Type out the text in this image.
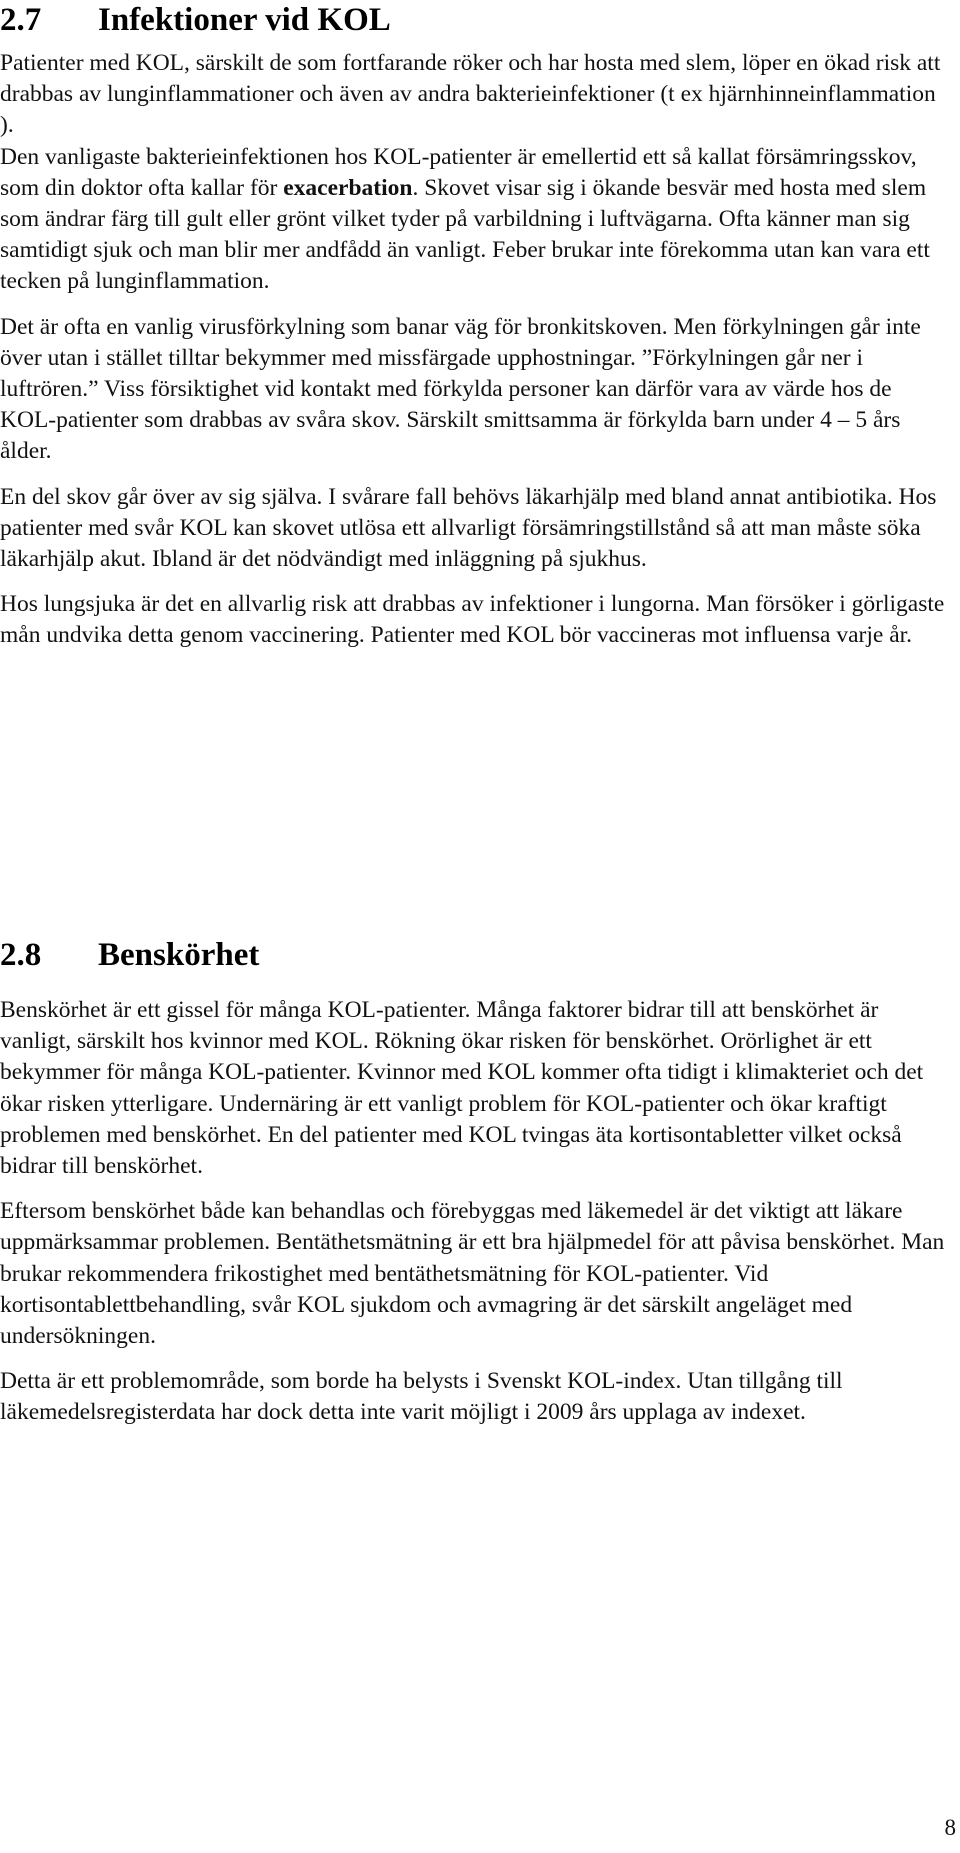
2.7 Infektioner vid KOL

Patienter med KOL, särskilt de som fortfarande röker och har hosta med slem, löper en ökad risk att drabbas av lunginflammationer och även av andra bakterieinfektioner (t ex hjärnhinneinflammation ).

Den vanligaste bakterieinfektionen hos KOL-patienter är emellertid ett så kallat försämringsskov, som din doktor ofta kallar för exacerbation. Skovet visar sig i ökande besvär med hosta med slem som ändrar färg till gult eller grönt vilket tyder på varbildning i luftvägarna. Ofta känner man sig samtidigt sjuk och man blir mer andfådd än vanligt. Feber brukar inte förekomma utan kan vara ett tecken på lunginflammation.

Det är ofta en vanlig virusförkylning som banar väg för bronkitskoven. Men förkylningen går inte över utan i stället tilltar bekymmer med missfärgade upphostningar. ”Förkylningen går ner i luftrören.” Viss försiktighet vid kontakt med förkylda personer kan därför vara av värde hos de KOL-patienter som drabbas av svåra skov. Särskilt smittsamma är förkylda barn under 4 – 5 års ålder.

En del skov går över av sig själva. I svårare fall behövs läkarhjälp med bland annat antibiotika. Hos patienter med svår KOL kan skovet utlösa ett allvarligt försämringstillstånd så att man måste söka läkarhjälp akut. Ibland är det nödvändigt med inläggning på sjukhus.

Hos lungsjuka är det en allvarlig risk att drabbas av infektioner i lungorna. Man försöker i görligaste mån undvika detta genom vaccinering. Patienter med KOL bör vaccineras mot influensa varje år.

2.8 Benskörhet

Benskörhet är ett gissel för många KOL-patienter. Många faktorer bidrar till att benskörhet är vanligt, särskilt hos kvinnor med KOL. Rökning ökar risken för benskörhet. Orörlighet är ett bekymmer för många KOL-patienter. Kvinnor med KOL kommer ofta tidigt i klimakteriet och det ökar risken ytterligare. Undernäring är ett vanligt problem för KOL-patienter och ökar kraftigt problemen med benskörhet. En del patienter med KOL tvingas äta kortisontabletter vilket också bidrar till benskörhet.

Eftersom benskörhet både kan behandlas och förebyggas med läkemedel är det viktigt att läkare uppmärksammar problemen. Bentäthetsmätning är ett bra hjälpmedel för att påvisa benskörhet. Man brukar rekommendera frikostighet med bentäthetsmätning för KOL-patienter. Vid kortisontablettbehandling, svår KOL sjukdom och avmagring är det särskilt angeläget med undersökningen.

Detta är ett problemområde, som borde ha belysts i Svenskt KOL-index. Utan tillgång till läkemedelsregisterdata har dock detta inte varit möjligt i 2009 års upplaga av indexet.

8
